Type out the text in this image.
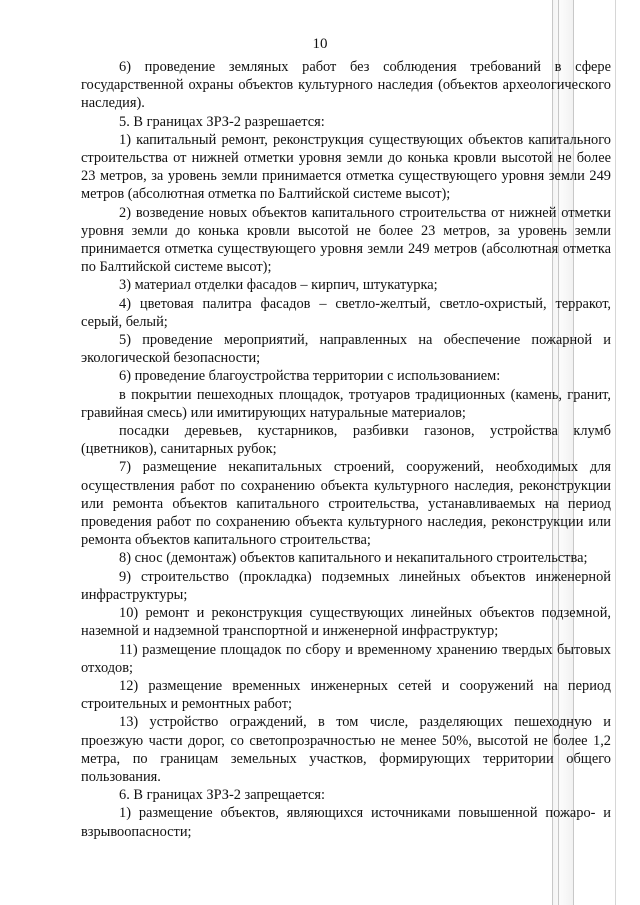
10

6) проведение земляных работ без соблюдения требований в сфере государственной охраны объектов культурного наследия (объектов археологического наследия).

5. В границах ЗРЗ-2 разрешается:

1) капитальный ремонт, реконструкция существующих объектов капитального строительства от нижней отметки уровня земли до конька кровли высотой не более 23 метров, за уровень земли принимается отметка существующего уровня земли 249 метров (абсолютная отметка по Балтийской системе высот);

2) возведение новых объектов капитального строительства от нижней отметки уровня земли до конька кровли высотой не более 23 метров, за уровень земли принимается отметка существующего уровня земли 249 метров (абсолютная отметка по Балтийской системе высот);

3) материал отделки фасадов – кирпич, штукатурка;

4) цветовая палитра фасадов – светло-желтый, светло-охристый, терракот, серый, белый;

5) проведение мероприятий, направленных на обеспечение пожарной и экологической безопасности;

6) проведение благоустройства территории с использованием:

в покрытии пешеходных площадок, тротуаров традиционных (камень, гранит, гравийная смесь) или имитирующих натуральные материалов;

посадки деревьев, кустарников, разбивки газонов, устройства клумб (цветников), санитарных рубок;

7) размещение некапитальных строений, сооружений, необходимых для осуществления работ по сохранению объекта культурного наследия, реконструкции или ремонта объектов капитального строительства, устанавливаемых на период проведения работ по сохранению объекта культурного наследия, реконструкции или ремонта объектов капитального строительства;

8) снос (демонтаж) объектов капитального и некапитального строительства;

9) строительство (прокладка) подземных линейных объектов инженерной инфраструктуры;

10) ремонт и реконструкция существующих линейных объектов подземной, наземной и надземной транспортной и инженерной инфраструктур;

11) размещение площадок по сбору и временному хранению твердых бытовых отходов;

12) размещение временных инженерных сетей и сооружений на период строительных и ремонтных работ;

13) устройство ограждений, в том числе, разделяющих пешеходную и проезжую части дорог, со светопрозрачностью не менее 50%, высотой не более 1,2 метра, по границам земельных участков, формирующих территории общего пользования.

6. В границах ЗРЗ-2 запрещается:

1) размещение объектов, являющихся источниками повышенной пожаро- и взрывоопасности;
